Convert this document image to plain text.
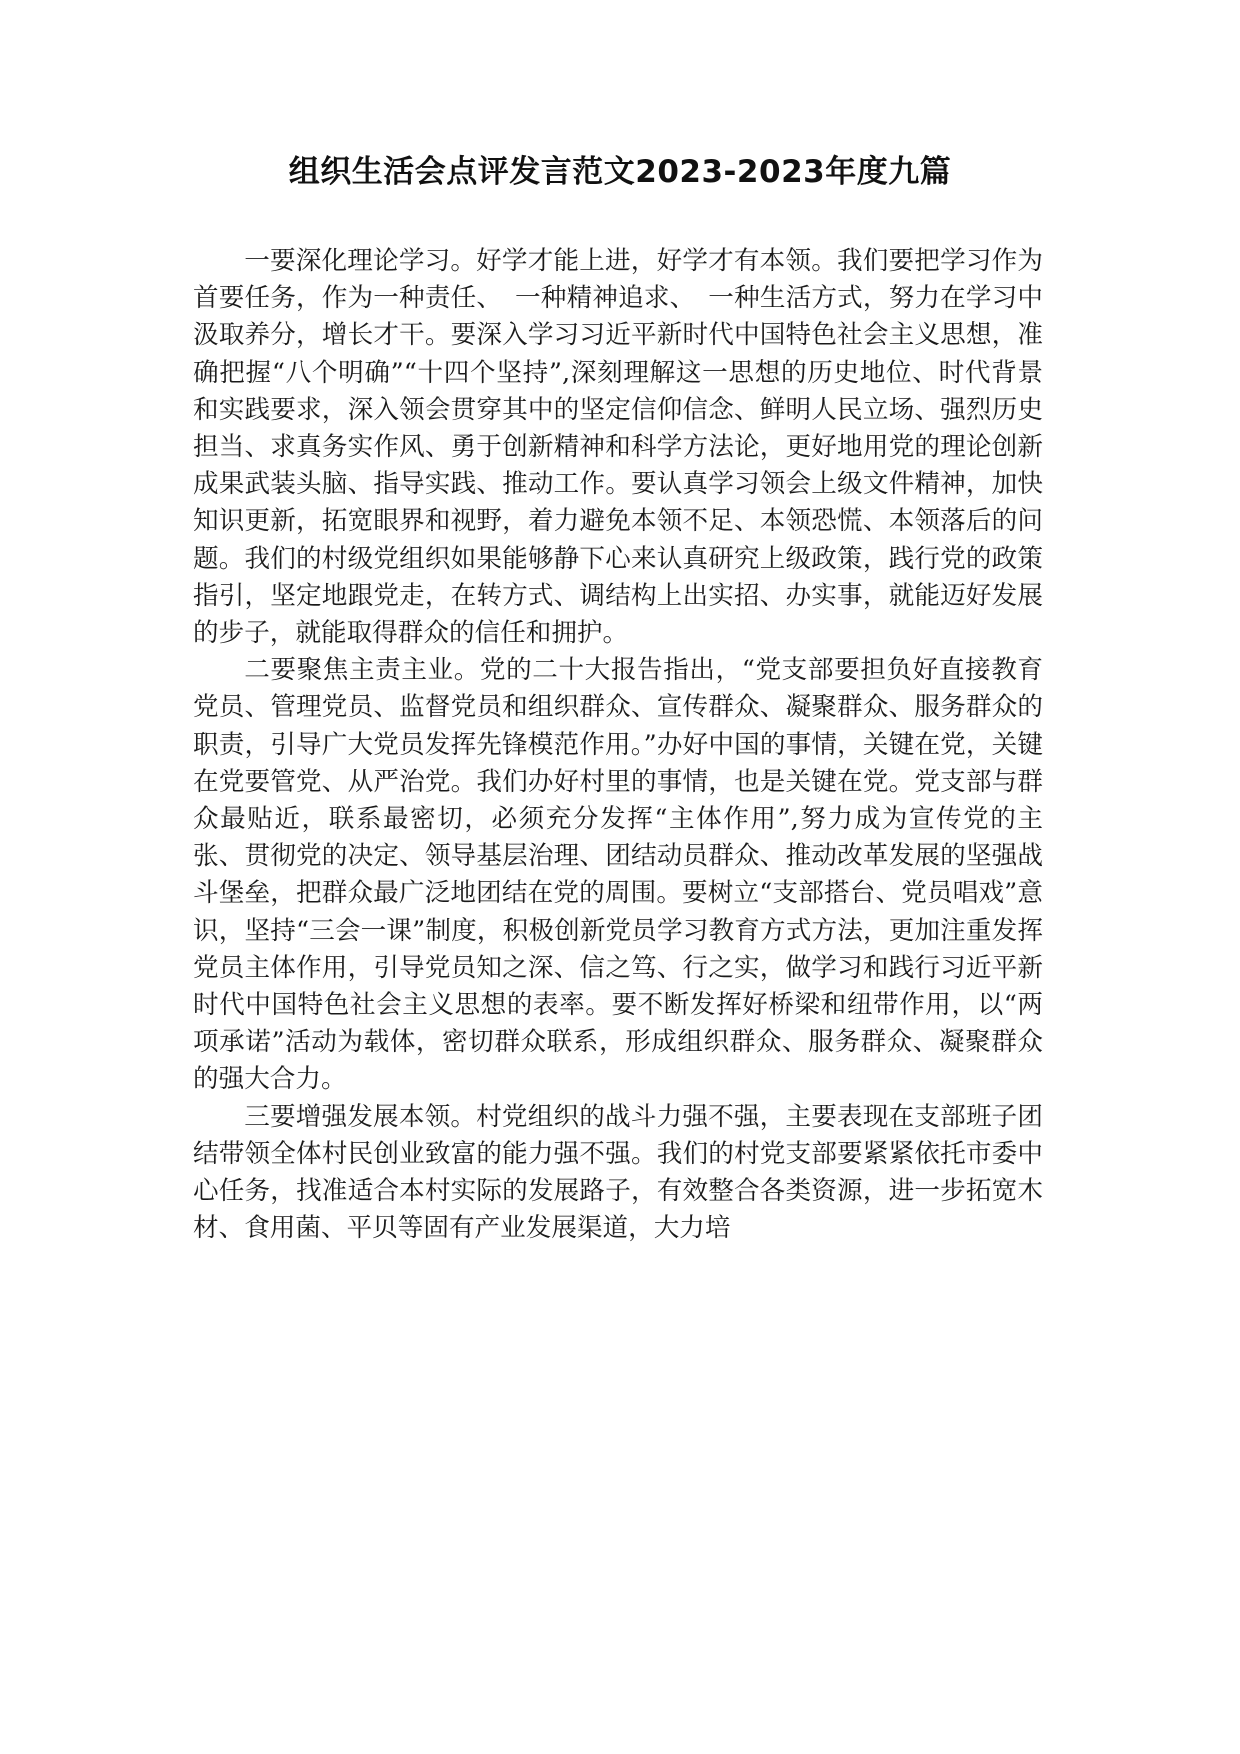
组织生活会点评发言范文2023-2023年度九篇

一要深化理论学习。好学才能上进，好学才有本领。我们要把学习作为首要任务，作为一种责任、　一种精神追求、　一种生活方式，努力在学习中汲取养分，增长才干。要深入学习习近平新时代中国特色社会主义思想，准确把握“八个明确”“十四个坚持”,深刻理解这一思想的历史地位、时代背景和实践要求，深入领会贯穿其中的坚定信仰信念、鲜明人民立场、强烈历史担当、求真务实作风、勇于创新精神和科学方法论，更好地用党的理论创新成果武装头脑、指导实践、推动工作。要认真学习领会上级文件精神，加快知识更新，拓宽眼界和视野，着力避免本领不足、本领恐慌、本领落后的问题。我们的村级党组织如果能够静下心来认真研究上级政策，践行党的政策指引，坚定地跟党走，在转方式、调结构上出实招、办实事，就能迈好发展的步子，就能取得群众的信任和拥护。

二要聚焦主责主业。党的二十大报告指出，“党支部要担负好直接教育党员、管理党员、监督党员和组织群众、宣传群众、凝聚群众、服务群众的职责，引导广大党员发挥先锋模范作用。”办好中国的事情，关键在党，关键在党要管党、从严治党。我们办好村里的事情，也是关键在党。党支部与群众最贴近，联系最密切，必须充分发挥“主体作用”,努力成为宣传党的主张、贯彻党的决定、领导基层治理、团结动员群众、推动改革发展的坚强战斗堡垒，把群众最广泛地团结在党的周围。要树立“支部搭台、党员唱戏”意识，坚持“三会一课”制度，积极创新党员学习教育方式方法，更加注重发挥党员主体作用，引导党员知之深、信之笃、行之实，做学习和践行习近平新时代中国特色社会主义思想的表率。要不断发挥好桥梁和纽带作用，以“两项承诺”活动为载体，密切群众联系，形成组织群众、服务群众、凝聚群众的强大合力。

三要增强发展本领。村党组织的战斗力强不强，主要表现在支部班子团结带领全体村民创业致富的能力强不强。我们的村党支部要紧紧依托市委中心任务，找准适合本村实际的发展路子，有效整合各类资源，进一步拓宽木材、食用菌、平贝等固有产业发展渠道，大力培
